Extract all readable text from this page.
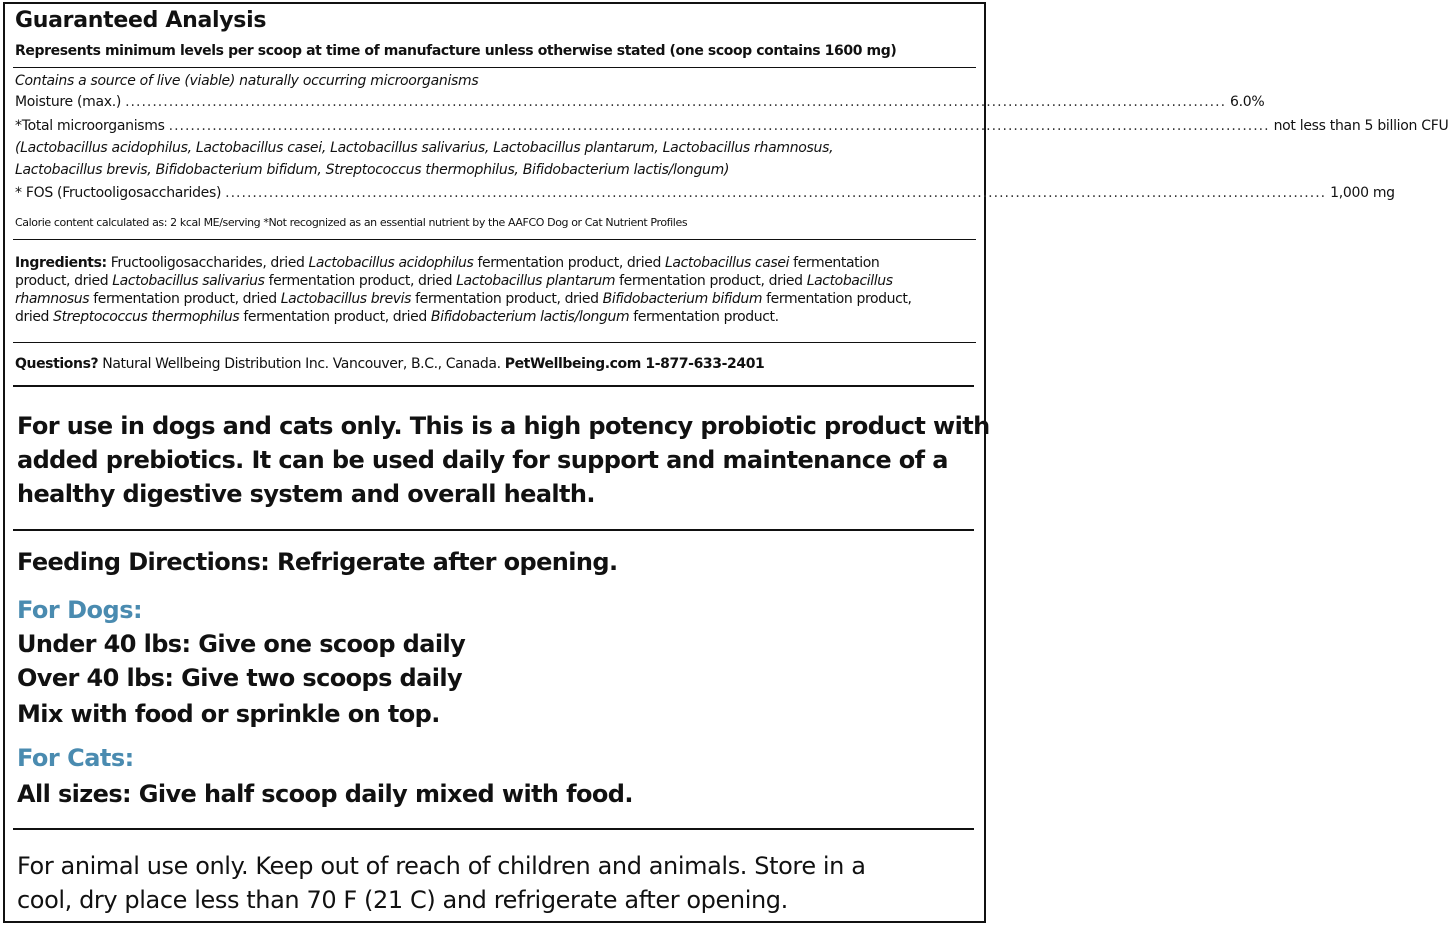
Guaranteed Analysis
Represents minimum levels per scoop at time of manufacture unless otherwise stated (one scoop contains 1600 mg)
Contains a source of live (viable) naturally occurring microorganisms
Moisture (max.) .......................................................................................................................................................................................................... 6.0%
*Total microorganisms .......................................................................................................................................................................................................... not less than 5 billion CFU
(Lactobacillus acidophilus, Lactobacillus casei, Lactobacillus salivarius, Lactobacillus plantarum, Lactobacillus rhamnosus,
Lactobacillus brevis, Bifidobacterium bifidum, Streptococcus thermophilus, Bifidobacterium lactis/longum)
* FOS (Fructooligosaccharides) .......................................................................................................................................................................................................... 1,000 mg
Calorie content calculated as: 2 kcal ME/serving *Not recognized as an essential nutrient by the AAFCO Dog or Cat Nutrient Profiles
Ingredients: Fructooligosaccharides, dried Lactobacillus acidophilus fermentation product, dried Lactobacillus casei fermentation
product, dried Lactobacillus salivarius fermentation product, dried Lactobacillus plantarum fermentation product, dried Lactobacillus
rhamnosus fermentation product, dried Lactobacillus brevis fermentation product, dried Bifidobacterium bifidum fermentation product,
dried Streptococcus thermophilus fermentation product, dried Bifidobacterium lactis/longum fermentation product.
Questions? Natural Wellbeing Distribution Inc. Vancouver, B.C., Canada. PetWellbeing.com 1-877-633-2401
For use in dogs and cats only. This is a high potency probiotic product with
added prebiotics. It can be used daily for support and maintenance of a
healthy digestive system and overall health.
Feeding Directions: Refrigerate after opening.
For Dogs:
Under 40 lbs: Give one scoop daily
Over 40 lbs: Give two scoops daily
Mix with food or sprinkle on top.
For Cats:
All sizes: Give half scoop daily mixed with food.
For animal use only. Keep out of reach of children and animals. Store in a
cool, dry place less than 70 F (21 C) and refrigerate after opening.
